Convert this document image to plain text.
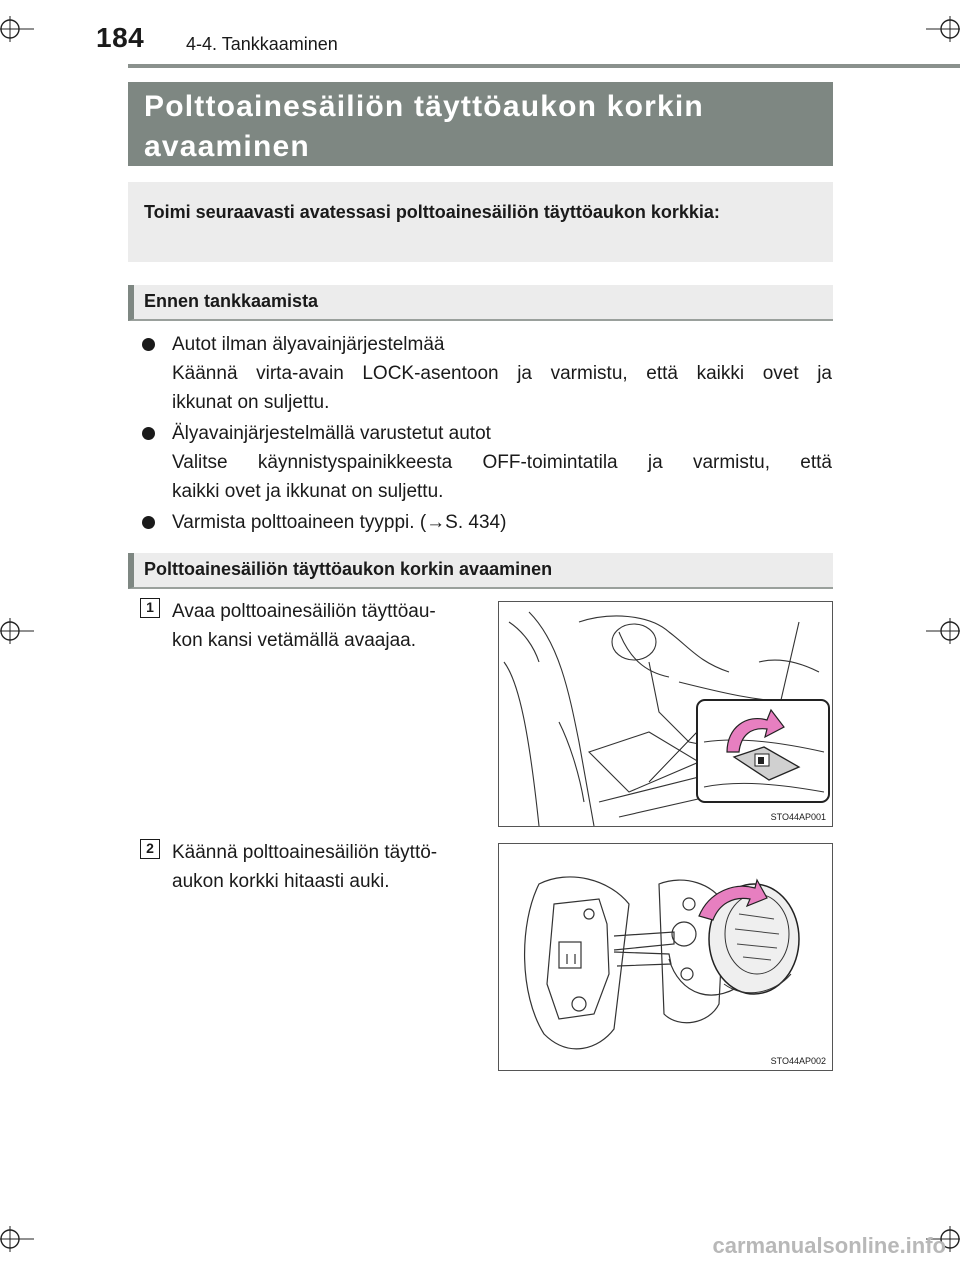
184 4-4. Tankkaaminen
Polttoainesäiliön täyttöaukon korkin avaaminen
Toimi seuraavasti avatessasi polttoainesäiliön täyttöaukon korkkia:
Ennen tankkaamista
Autot ilman älyavainjärjestelmää
Käännä virta-avain LOCK-asentoon ja varmistu, että kaikki ovet ja
ikkunat on suljettu.
Älyavainjärjestelmällä varustetut autot
Valitse käynnistyspainikkeesta OFF-toimintatila ja varmistu, että
kaikki ovet ja ikkunat on suljettu.
Varmista polttoaineen tyyppi. (→S. 434)
Polttoainesäiliön täyttöaukon korkin avaaminen
1 Avaa polttoainesäiliön täyttöau-
kon kansi vetämällä avaajaa.
STO44AP001
2 Käännä polttoainesäiliön täyttö-
aukon korkki hitaasti auki.
STO44AP002
carmanualsonline.info
